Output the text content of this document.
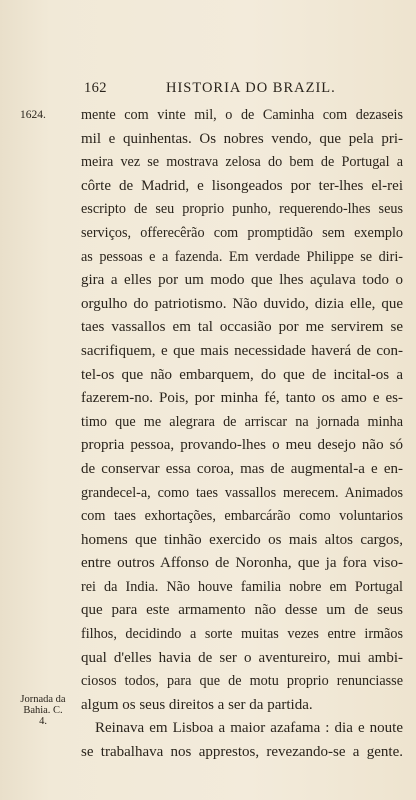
162	HISTORIA DO BRAZIL.
1624.
Jornada da Bahia. C. 4.
mente com vinte mil, o de Caminha com dezaseis
mil e quinhentas. Os nobres vendo, que pela pri-
meira vez se mostrava zelosa do bem de Portugal a
côrte de Madrid, e lisongeados por ter-lhes el-rei
escripto de seu proprio punho, requerendo-lhes seus
serviços, offerecêrão com promptidão sem exemplo
as pessoas e a fazenda. Em verdade Philippe se diri-
gira a elles por um modo que lhes açulava todo o
orgulho do patriotismo. Não duvido, dizia elle, que
taes vassallos em tal occasião por me servirem se
sacrifiquem, e que mais necessidade haverá de con-
tel-os que não embarquem, do que de incital-os a
fazerem-no. Pois, por minha fé, tanto os amo e es-
timo que me alegrara de arriscar na jornada minha
propria pessoa, provando-lhes o meu desejo não só
de conservar essa coroa, mas de augmental-a e en-
grandecel-a, como taes vassallos merecem. Animados
com taes exhortações, embarcárão como voluntarios
homens que tinhão exercido os mais altos cargos,
entre outros Affonso de Noronha, que ja fora viso-
rei da India. Não houve familia nobre em Portugal
que para este armamento não desse um de seus
filhos, decidindo a sorte muitas vezes entre irmãos
qual d'elles havia de ser o aventureiro, mui ambi-
ciosos todos, para que de motu proprio renunciasse
algum os seus direitos a ser da partida.
Reinava em Lisboa a maior azafama : dia e noute
se trabalhava nos apprestos, revezando-se a gente.
